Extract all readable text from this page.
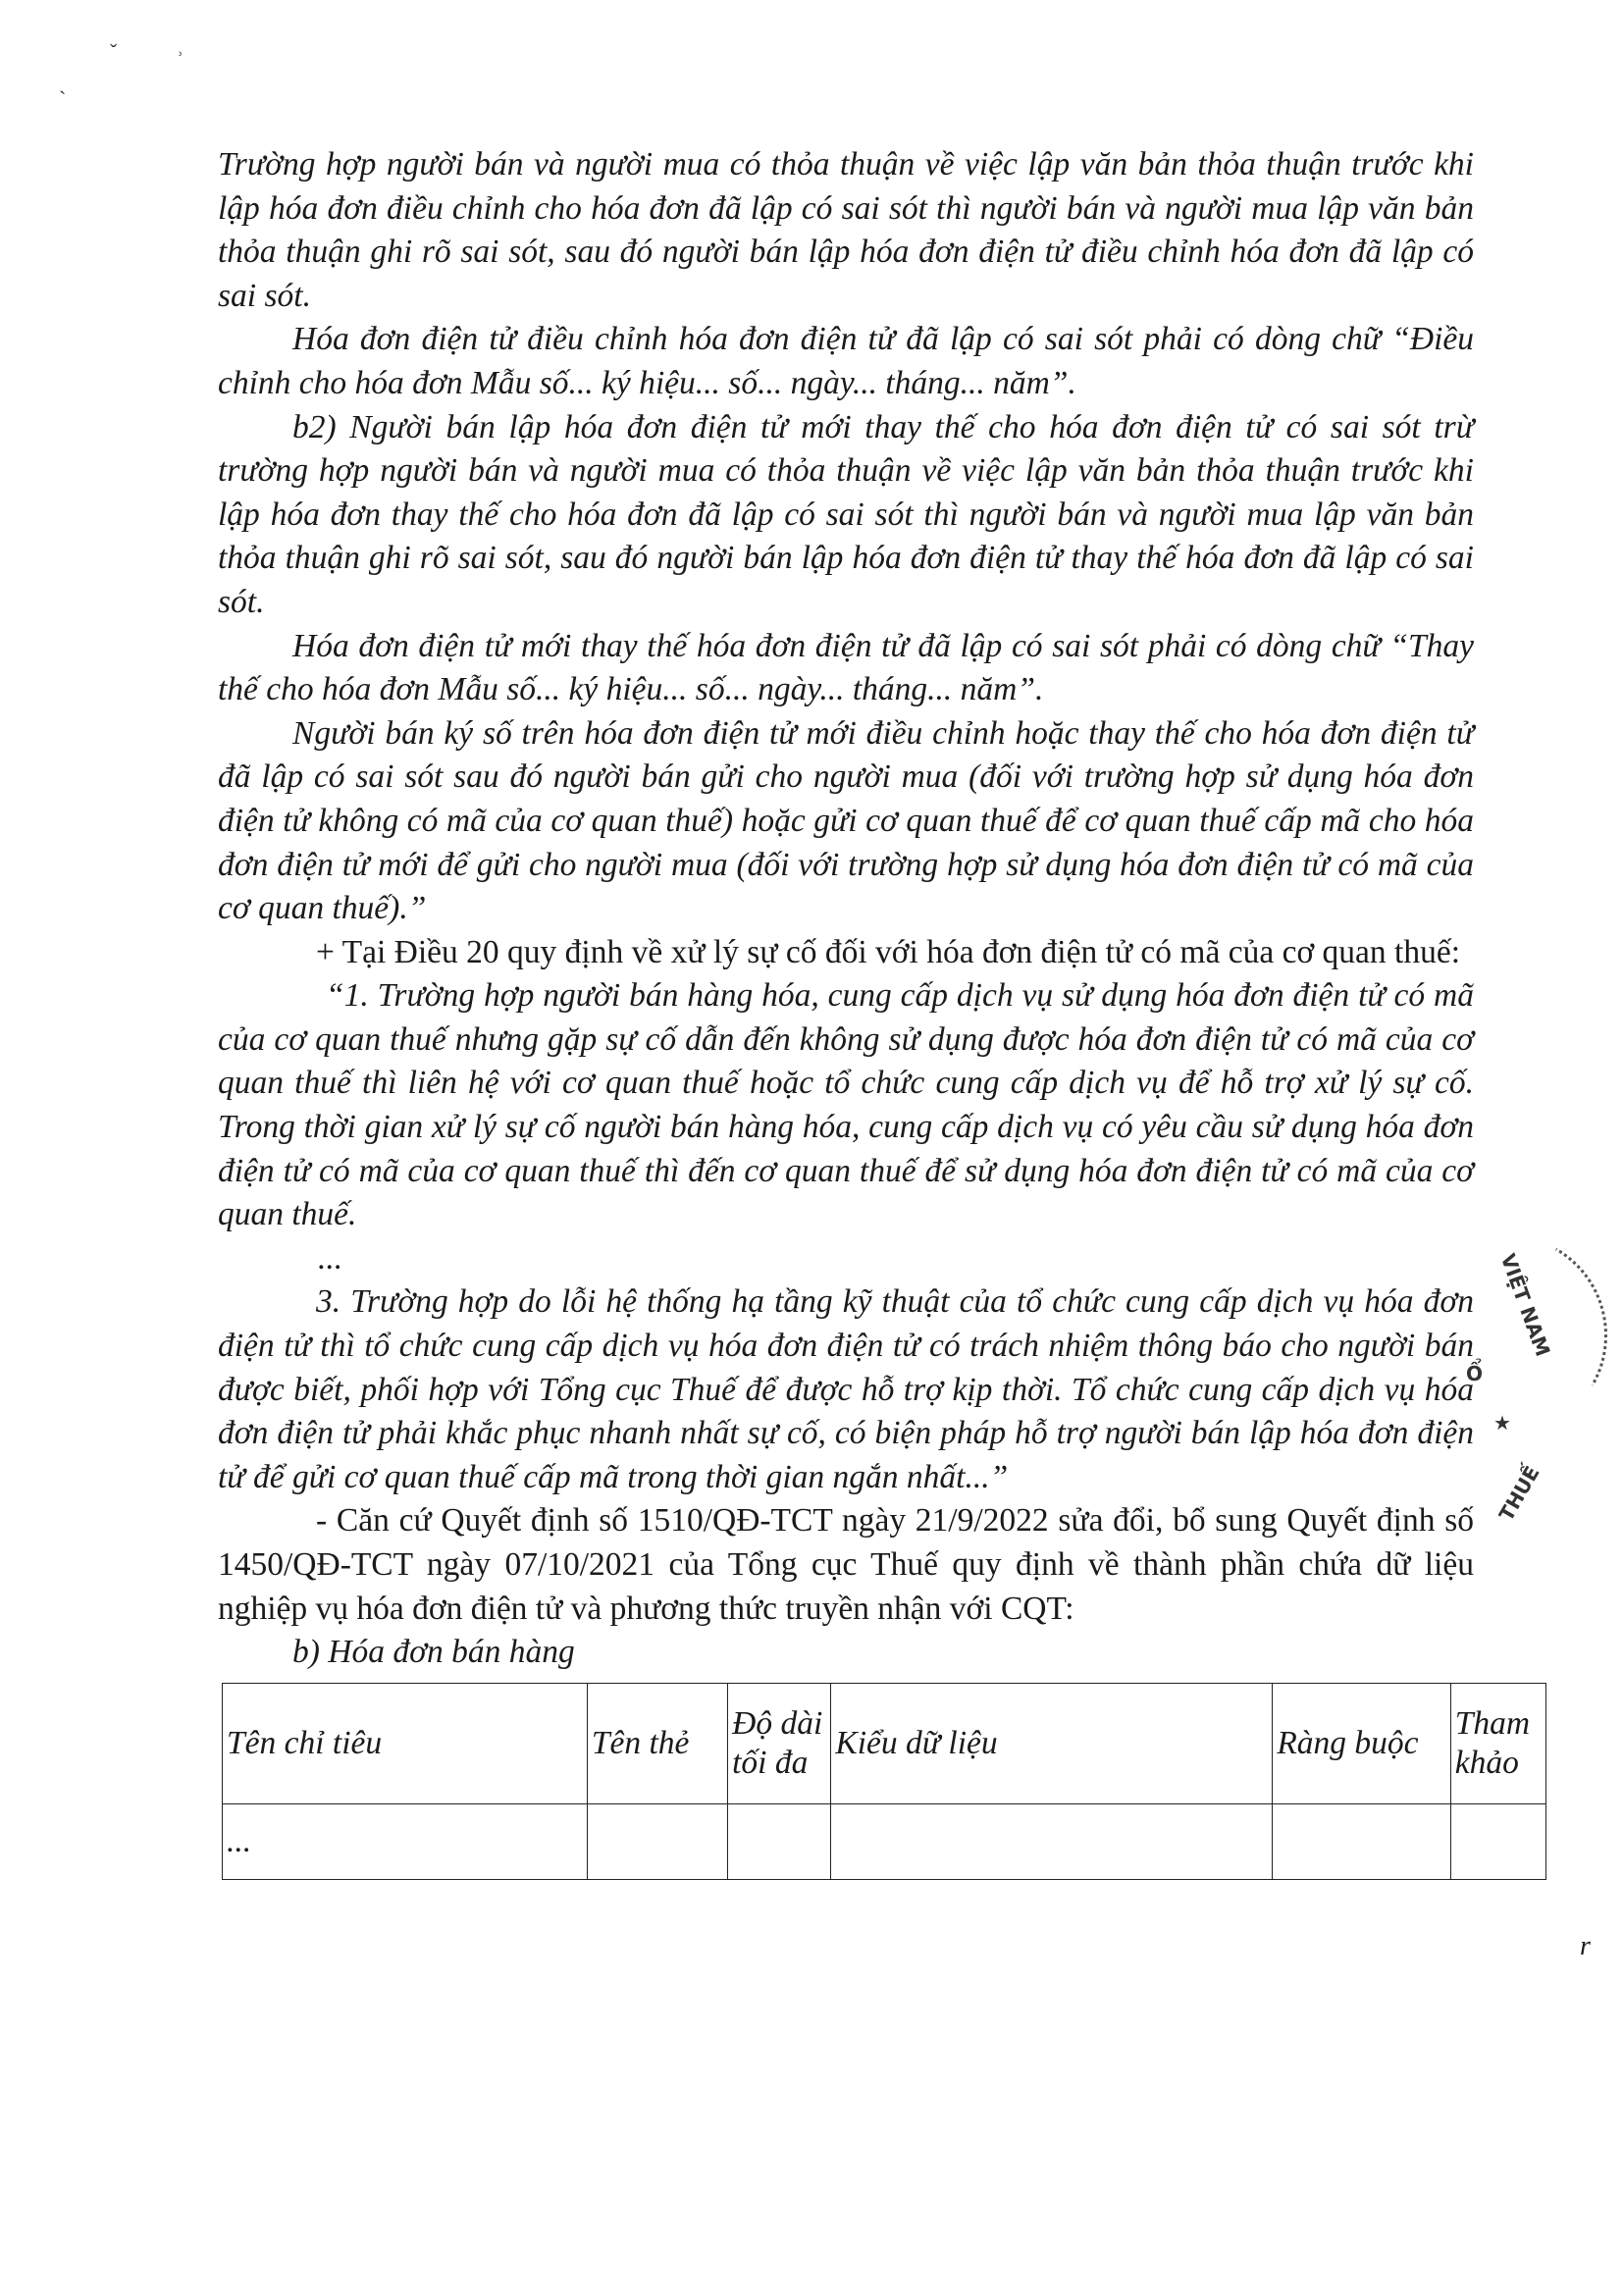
ˇ	˒
ˋ

Trường hợp người bán và người mua có thỏa thuận về việc lập văn bản thỏa thuận trước khi lập hóa đơn điều chỉnh cho hóa đơn đã lập có sai sót thì người bán và người mua lập văn bản thỏa thuận ghi rõ sai sót, sau đó người bán lập hóa đơn điện tử điều chỉnh hóa đơn đã lập có sai sót.

Hóa đơn điện tử điều chỉnh hóa đơn điện tử đã lập có sai sót phải có dòng chữ “Điều chỉnh cho hóa đơn Mẫu số... ký hiệu... số... ngày... tháng... năm”.

b2) Người bán lập hóa đơn điện tử mới thay thế cho hóa đơn điện tử có sai sót trừ trường hợp người bán và người mua có thỏa thuận về việc lập văn bản thỏa thuận trước khi lập hóa đơn thay thế cho hóa đơn đã lập có sai sót thì người bán và người mua lập văn bản thỏa thuận ghi rõ sai sót, sau đó người bán lập hóa đơn điện tử thay thế hóa đơn đã lập có sai sót.

Hóa đơn điện tử mới thay thế hóa đơn điện tử đã lập có sai sót phải có dòng chữ “Thay thế cho hóa đơn Mẫu số... ký hiệu... số... ngày... tháng... năm”.

Người bán ký số trên hóa đơn điện tử mới điều chỉnh hoặc thay thế cho hóa đơn điện tử đã lập có sai sót sau đó người bán gửi cho người mua (đối với trường hợp sử dụng hóa đơn điện tử không có mã của cơ quan thuế) hoặc gửi cơ quan thuế để cơ quan thuế cấp mã cho hóa đơn điện tử mới để gửi cho người mua (đối với trường hợp sử dụng hóa đơn điện tử có mã của cơ quan thuế).”

+ Tại Điều 20 quy định về xử lý sự cố đối với hóa đơn điện tử có mã của cơ quan thuế:

“1. Trường hợp người bán hàng hóa, cung cấp dịch vụ sử dụng hóa đơn điện tử có mã của cơ quan thuế nhưng gặp sự cố dẫn đến không sử dụng được hóa đơn điện tử có mã của cơ quan thuế thì liên hệ với cơ quan thuế hoặc tổ chức cung cấp dịch vụ để hỗ trợ xử lý sự cố. Trong thời gian xử lý sự cố người bán hàng hóa, cung cấp dịch vụ có yêu cầu sử dụng hóa đơn điện tử có mã của cơ quan thuế thì đến cơ quan thuế để sử dụng hóa đơn điện tử có mã của cơ quan thuế.

...

3. Trường hợp do lỗi hệ thống hạ tầng kỹ thuật của tổ chức cung cấp dịch vụ hóa đơn điện tử thì tổ chức cung cấp dịch vụ hóa đơn điện tử có trách nhiệm thông báo cho người bán được biết, phối hợp với Tổng cục Thuế để được hỗ trợ kịp thời. Tổ chức cung cấp dịch vụ hóa đơn điện tử phải khắc phục nhanh nhất sự cố, có biện pháp hỗ trợ người bán lập hóa đơn điện tử để gửi cơ quan thuế cấp mã trong thời gian ngắn nhất...”

- Căn cứ Quyết định số 1510/QĐ-TCT ngày 21/9/2022 sửa đổi, bổ sung Quyết định số 1450/QĐ-TCT ngày 07/10/2021 của Tổng cục Thuế quy định về thành phần chứa dữ liệu nghiệp vụ hóa đơn điện tử và phương thức truyền nhận với CQT:

b) Hóa đơn bán hàng

Tên chỉ tiêu	Tên thẻ	Độ dài tối đa	Kiểu dữ liệu	Ràng buộc	Tham khảo
...					
VIỆT NAM
★
THUẾ
Ổ
r
